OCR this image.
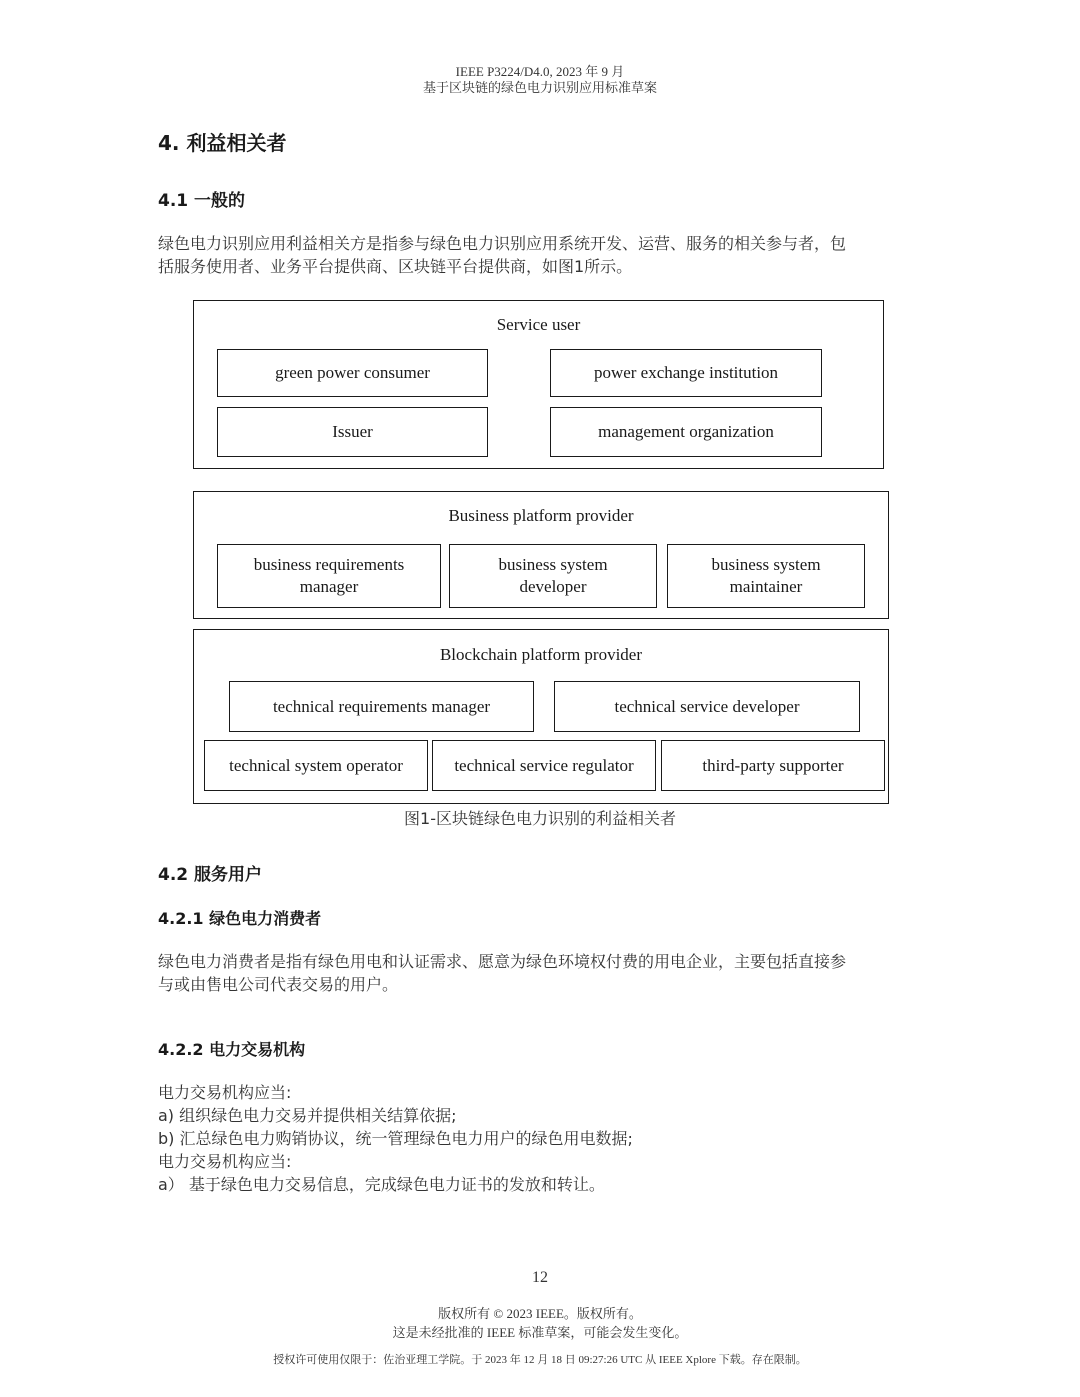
IEEE P3224/D4.0, 2023 年 9 月
基于区块链的绿色电力识别应用标准草案
4. 利益相关者
4.1 一般的
绿色电力识别应用利益相关方是指参与绿色电力识别应用系统开发、运营、服务的相关参与者，包
括服务使用者、业务平台提供商、区块链平台提供商，如图1所示。
Service user
green power consumer	power exchange institution
Issuer	management organization
Business platform provider
business requirements
manager
business system
developer
business system
maintainer
Blockchain platform provider
technical requirements manager	technical service developer
technical system operator	technical service regulator	third-party supporter
图1-区块链绿色电力识别的利益相关者
4.2 服务用户
4.2.1 绿色电力消费者
绿色电力消费者是指有绿色用电和认证需求、愿意为绿色环境权付费的用电企业，主要包括直接参
与或由售电公司代表交易的用户。
4.2.2 电力交易机构
电力交易机构应当:
a) 组织绿色电力交易并提供相关结算依据;
b) 汇总绿色电力购销协议，统一管理绿色电力用户的绿色用电数据;
电力交易机构应当:
a） 基于绿色电力交易信息，完成绿色电力证书的发放和转让。
12
版权所有 © 2023 IEEE。版权所有。
这是未经批准的 IEEE 标准草案，可能会发生变化。
授权许可使用仅限于：佐治亚理工学院。于 2023 年 12 月 18 日 09:27:26 UTC 从 IEEE Xplore 下载。存在限制。
